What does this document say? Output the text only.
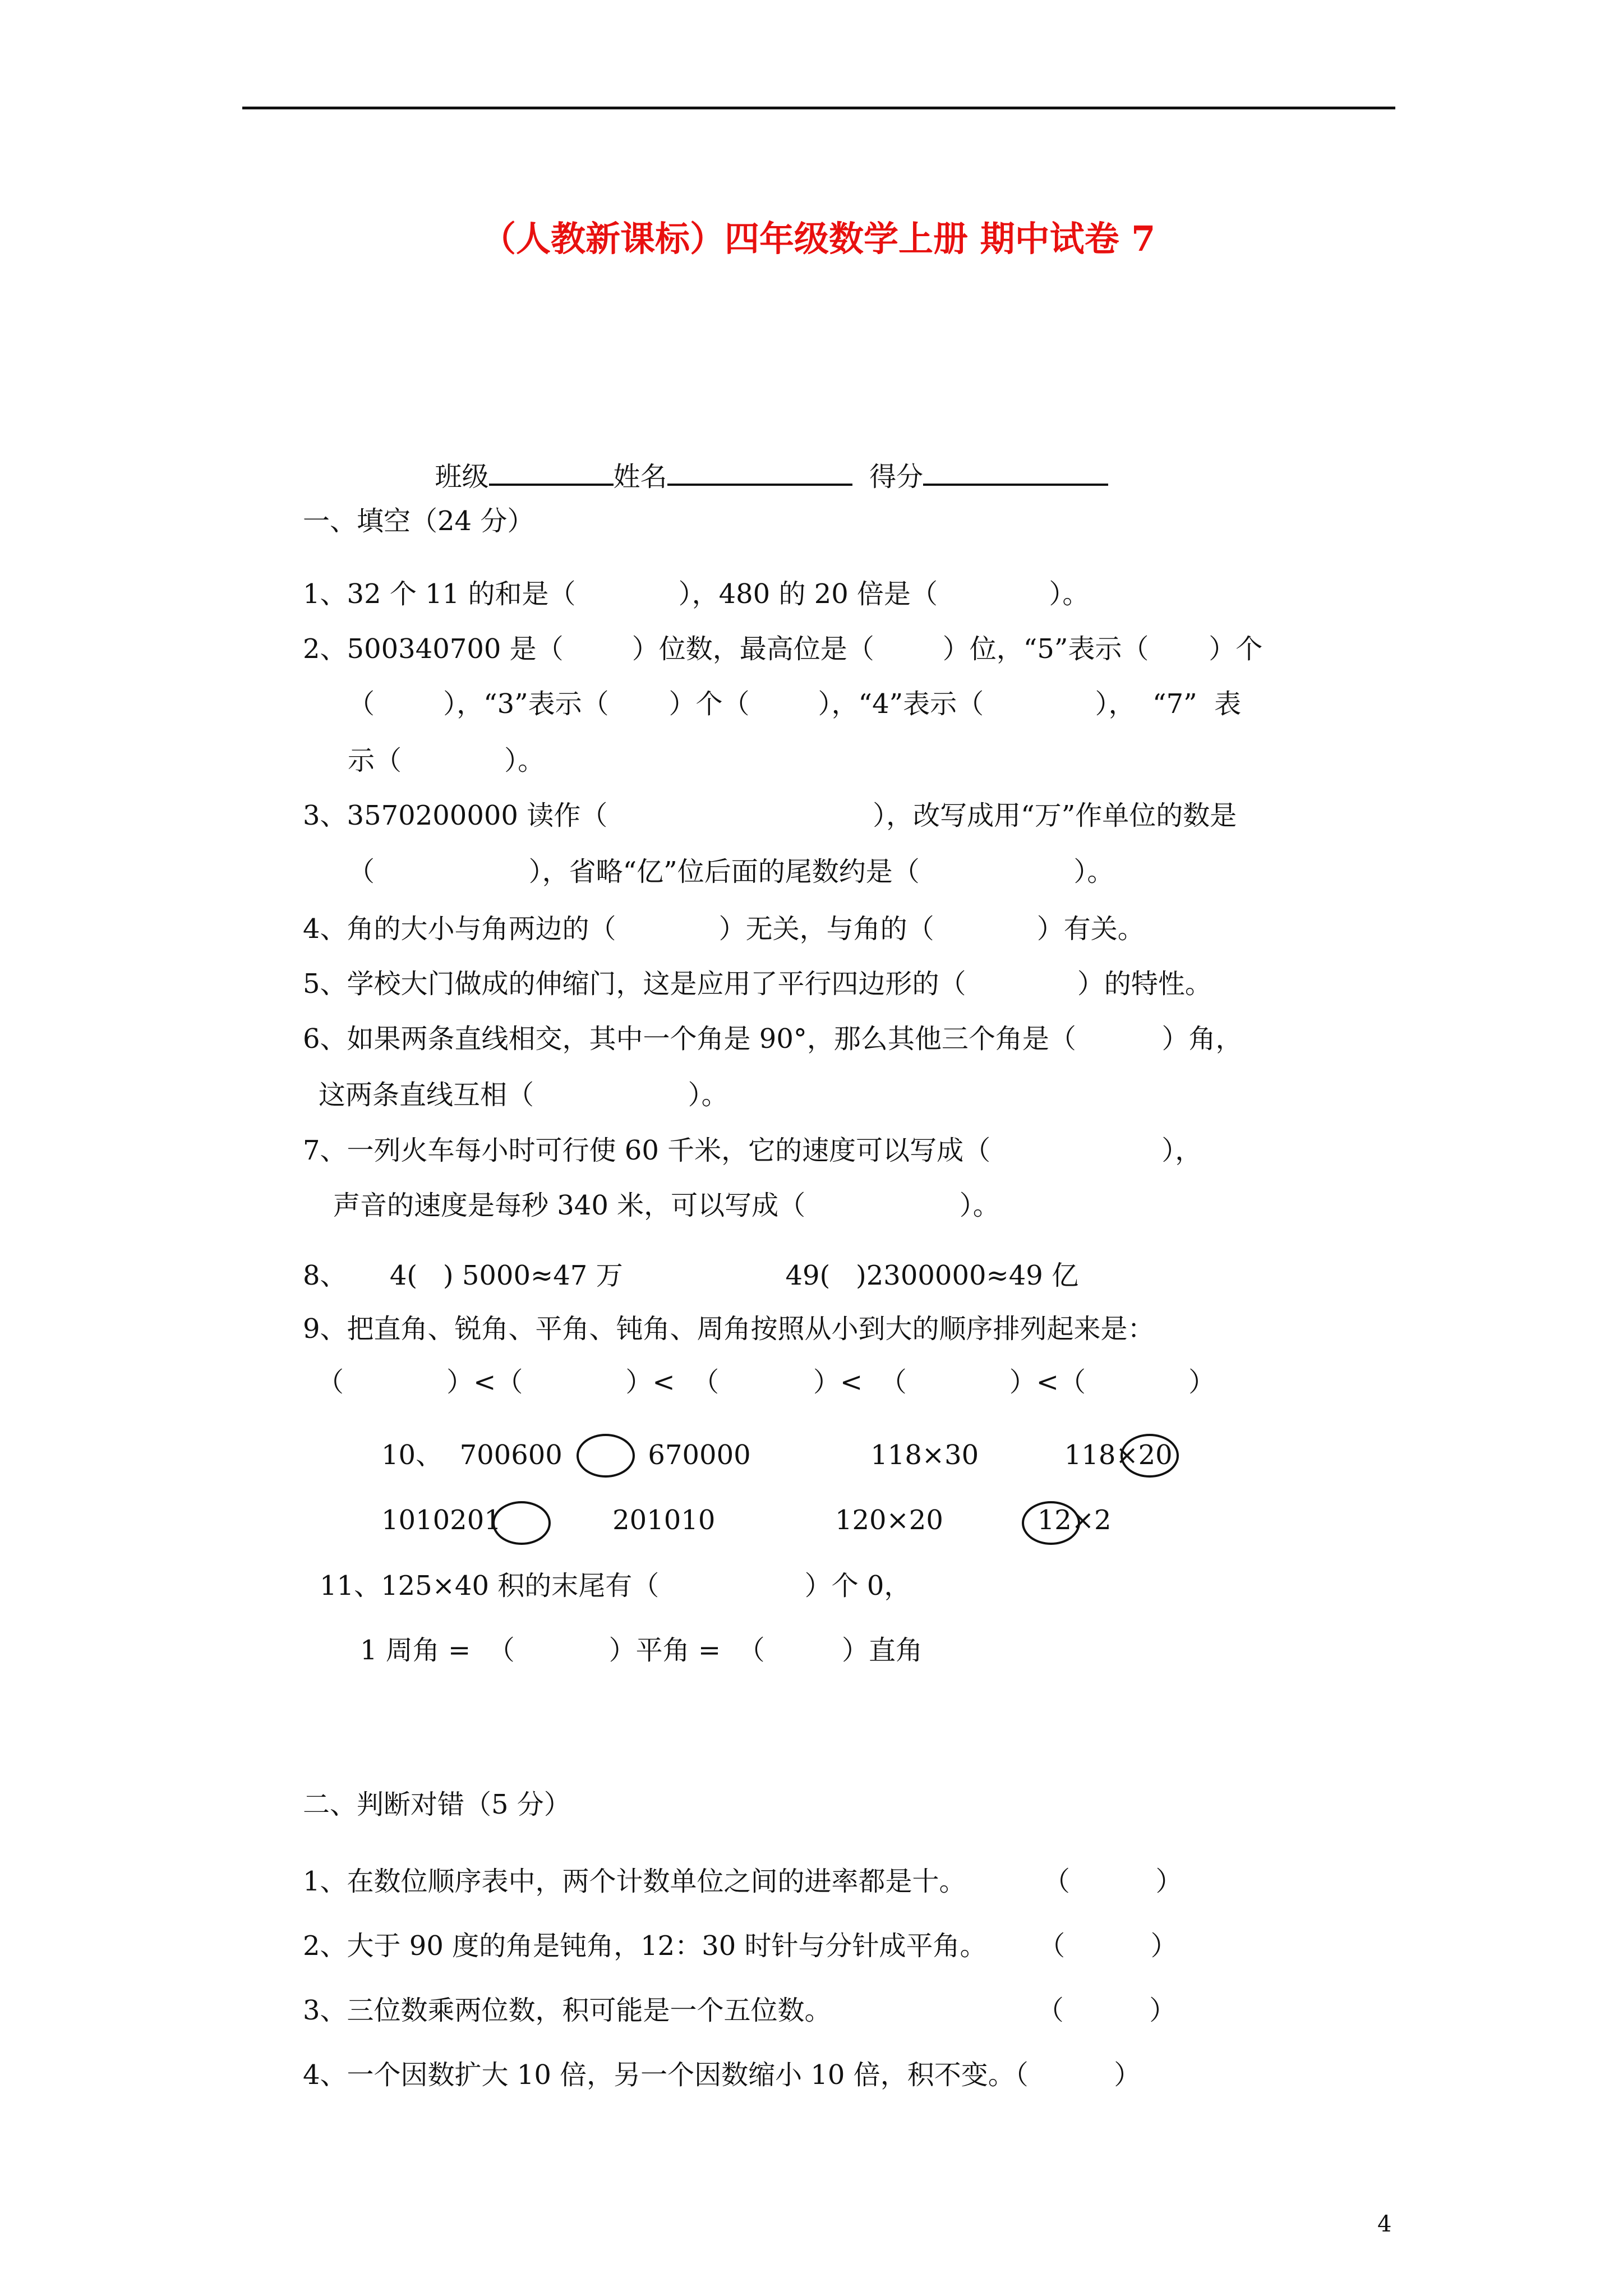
（人教新课标）四年级数学上册 期中试卷 7

班级	姓名	得分

一、填空（24 分）
1、32 个 11 的和是（            ），480 的 20 倍是（             ）。
2、500340700 是（        ）位数，最高位是（        ）位，“5”表示（       ）个
（        ），“3”表示（       ）个（        ），“4”表示（             ），  “7”  表
示（            ）。
3、3570200000 读作（                               ），改写成用“万”作单位的数是
（                  ），省略“亿”位后面的尾数约是（                  ）。
4、角的大小与角两边的（            ）无关，与角的（            ）有关。
5、学校大门做成的伸缩门，这是应用了平行四边形的（             ）的特性。
6、如果两条直线相交，其中一个角是 90°，那么其他三个角是（          ）角，
这两条直线互相（                  ）。
7、一列火车每小时可行使 60 千米，它的速度可以写成（                    ），
声音的速度是每秒 340 米，可以写成（                  ）。
8、     4(   ) 5000≈47 万                   49(   )2300000≈49 亿
9、把直角、锐角、平角、钝角、周角按照从小到大的顺序排列起来是：
（            ）<（            ）<  （           ）<  （            ）<（            ）
10、  700600          670000              118×30          118×20
1010201             201010              120×20           12×2
11、125×40 积的末尾有（                 ）个 0，
1 周角 =  （           ）平角 =  （         ）直角
二、判断对错（5 分）
1、在数位顺序表中，两个计数单位之间的进率都是十。         （          ）
2、大于 90 度的角是钝角，12：30 时针与分针成平角。      （          ）
3、三位数乘两位数，积可能是一个五位数。                        （          ）
4、一个因数扩大 10 倍，另一个因数缩小 10 倍，积不变。（          ）
4
